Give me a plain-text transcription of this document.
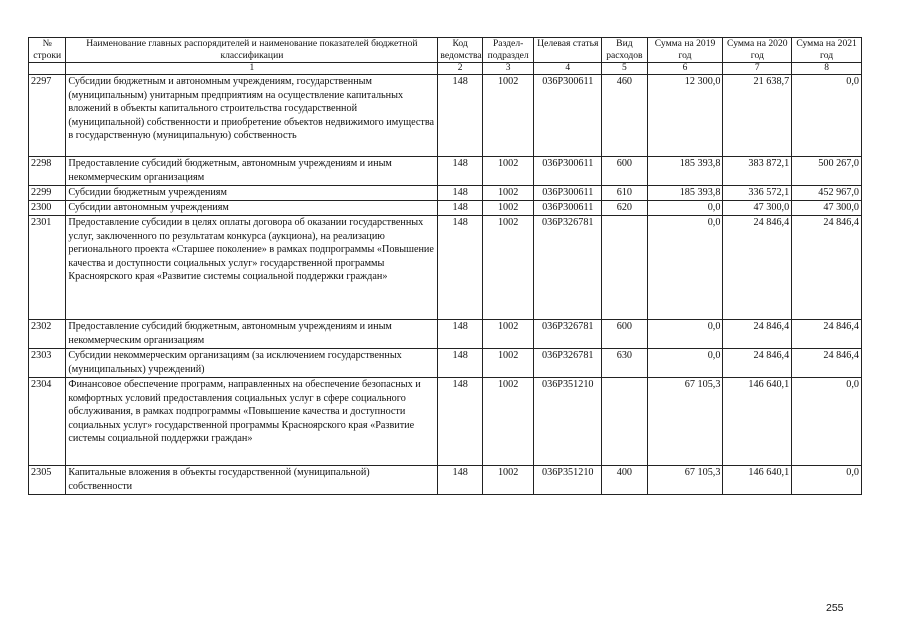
№ строки	Наименование главных распорядителей и наименование показателей бюджетной классификации	Код ведомства	Раздел-подраздел	Целевая статья	Вид расходов	Сумма на 2019 год	Сумма на 2020 год	Сумма на 2021 год
	1	2	3	4	5	6	7	8
2297	Субсидии бюджетным и автономным учреждениям, государственным (муниципальным) унитарным предприятиям на осуществление капитальных вложений в объекты капитального строительства государственной (муниципальной) собственности и приобретение объектов недвижимого имущества в государственную (муниципальную) собственность	148	1002	036Р300611	460	12 300,0	21 638,7	0,0
2298	Предоставление субсидий бюджетным, автономным учреждениям и иным некоммерческим организациям	148	1002	036Р300611	600	185 393,8	383 872,1	500 267,0
2299	Субсидии бюджетным учреждениям	148	1002	036Р300611	610	185 393,8	336 572,1	452 967,0
2300	Субсидии автономным учреждениям	148	1002	036Р300611	620	0,0	47 300,0	47 300,0
2301	Предоставление субсидии в целях оплаты договора об оказании государственных услуг, заключенного по результатам конкурса (аукциона), на реализацию регионального проекта «Старшее поколение» в рамках подпрограммы «Повышение качества и доступности социальных услуг» государственной программы Красноярского края «Развитие системы социальной поддержки граждан»	148	1002	036Р326781		0,0	24 846,4	24 846,4
2302	Предоставление субсидий бюджетным, автономным учреждениям и иным некоммерческим организациям	148	1002	036Р326781	600	0,0	24 846,4	24 846,4
2303	Субсидии некоммерческим организациям (за исключением государственных (муниципальных) учреждений)	148	1002	036Р326781	630	0,0	24 846,4	24 846,4
2304	Финансовое обеспечение программ, направленных на обеспечение безопасных и комфортных условий предоставления социальных услуг в сфере социального обслуживания, в рамках подпрограммы «Повышение качества и доступности социальных услуг» государственной программы Красноярского края «Развитие системы социальной поддержки граждан»	148	1002	036Р351210		67 105,3	146 640,1	0,0
2305	Капитальные вложения в объекты государственной (муниципальной) собственности	148	1002	036Р351210	400	67 105,3	146 640,1	0,0
255
